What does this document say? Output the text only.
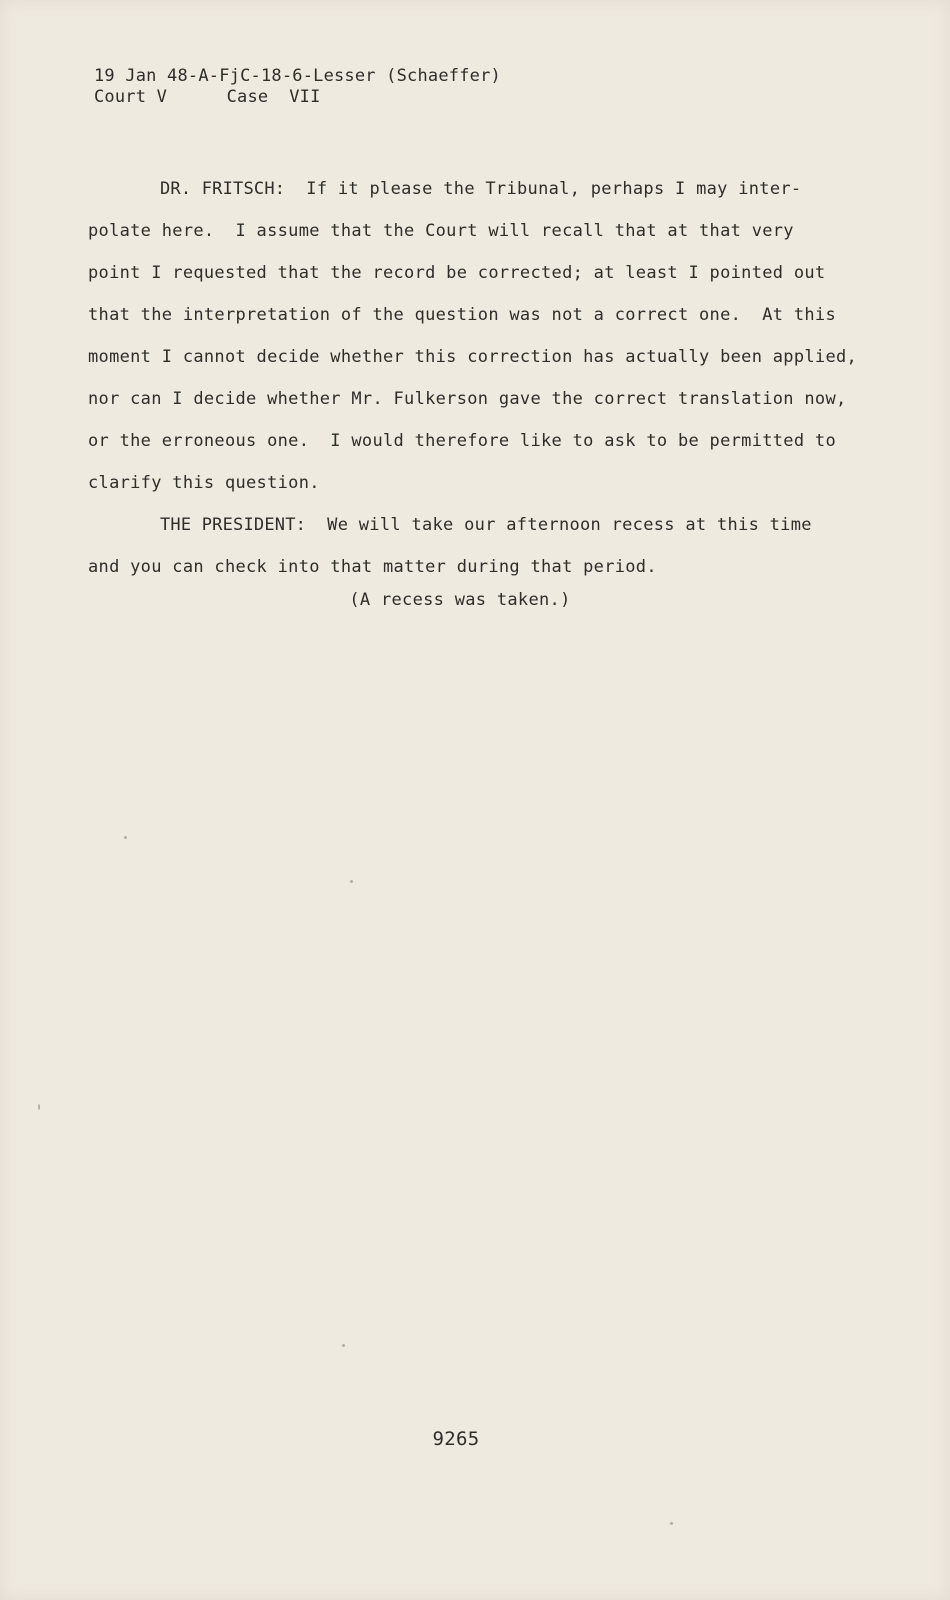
19 Jan 48-A-FjC-18-6-Lesser (Schaeffer)
Court V	Case VII
DR. FRITSCH: If it please the Tribunal, perhaps I may inter-
polate here.  I assume that the Court will recall that at that very
point I requested that the record be corrected; at least I pointed out
that the interpretation of the question was not a correct one.  At this
moment I cannot decide whether this correction has actually been applied,
nor can I decide whether Mr. Fulkerson gave the correct translation now,
or the erroneous one.  I would therefore like to ask to be permitted to
clarify this question.
THE PRESIDENT: We will take our afternoon recess at this time
and you can check into that matter during that period.
(A recess was taken.)
9265
